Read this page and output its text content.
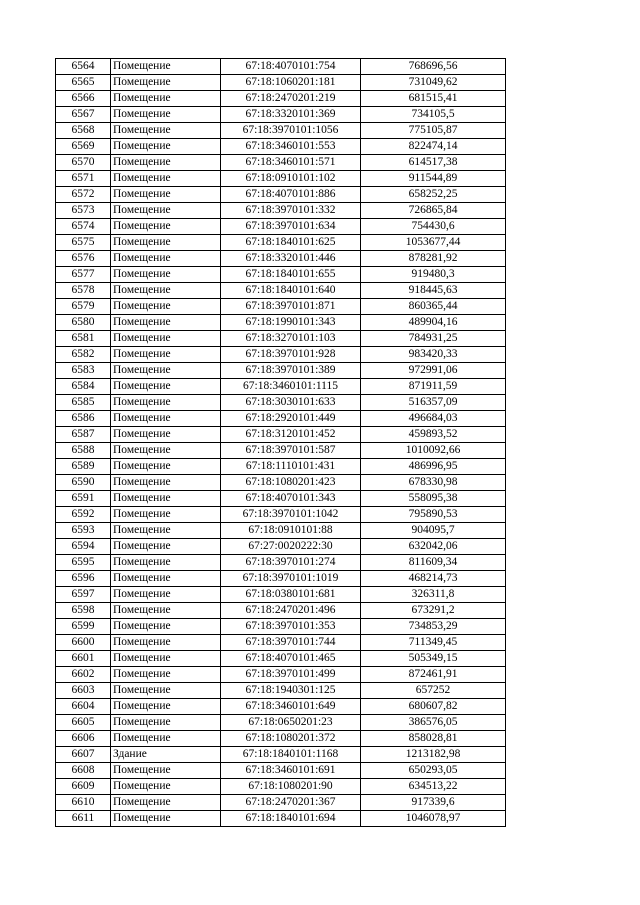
6564	Помещение	67:18:4070101:754	768696,56
6565	Помещение	67:18:1060201:181	731049,62
6566	Помещение	67:18:2470201:219	681515,41
6567	Помещение	67:18:3320101:369	734105,5
6568	Помещение	67:18:3970101:1056	775105,87
6569	Помещение	67:18:3460101:553	822474,14
6570	Помещение	67:18:3460101:571	614517,38
6571	Помещение	67:18:0910101:102	911544,89
6572	Помещение	67:18:4070101:886	658252,25
6573	Помещение	67:18:3970101:332	726865,84
6574	Помещение	67:18:3970101:634	754430,6
6575	Помещение	67:18:1840101:625	1053677,44
6576	Помещение	67:18:3320101:446	878281,92
6577	Помещение	67:18:1840101:655	919480,3
6578	Помещение	67:18:1840101:640	918445,63
6579	Помещение	67:18:3970101:871	860365,44
6580	Помещение	67:18:1990101:343	489904,16
6581	Помещение	67:18:3270101:103	784931,25
6582	Помещение	67:18:3970101:928	983420,33
6583	Помещение	67:18:3970101:389	972991,06
6584	Помещение	67:18:3460101:1115	871911,59
6585	Помещение	67:18:3030101:633	516357,09
6586	Помещение	67:18:2920101:449	496684,03
6587	Помещение	67:18:3120101:452	459893,52
6588	Помещение	67:18:3970101:587	1010092,66
6589	Помещение	67:18:1110101:431	486996,95
6590	Помещение	67:18:1080201:423	678330,98
6591	Помещение	67:18:4070101:343	558095,38
6592	Помещение	67:18:3970101:1042	795890,53
6593	Помещение	67:18:0910101:88	904095,7
6594	Помещение	67:27:0020222:30	632042,06
6595	Помещение	67:18:3970101:274	811609,34
6596	Помещение	67:18:3970101:1019	468214,73
6597	Помещение	67:18:0380101:681	326311,8
6598	Помещение	67:18:2470201:496	673291,2
6599	Помещение	67:18:3970101:353	734853,29
6600	Помещение	67:18:3970101:744	711349,45
6601	Помещение	67:18:4070101:465	505349,15
6602	Помещение	67:18:3970101:499	872461,91
6603	Помещение	67:18:1940301:125	657252
6604	Помещение	67:18:3460101:649	680607,82
6605	Помещение	67:18:0650201:23	386576,05
6606	Помещение	67:18:1080201:372	858028,81
6607	Здание	67:18:1840101:1168	1213182,98
6608	Помещение	67:18:3460101:691	650293,05
6609	Помещение	67:18:1080201:90	634513,22
6610	Помещение	67:18:2470201:367	917339,6
6611	Помещение	67:18:1840101:694	1046078,97
